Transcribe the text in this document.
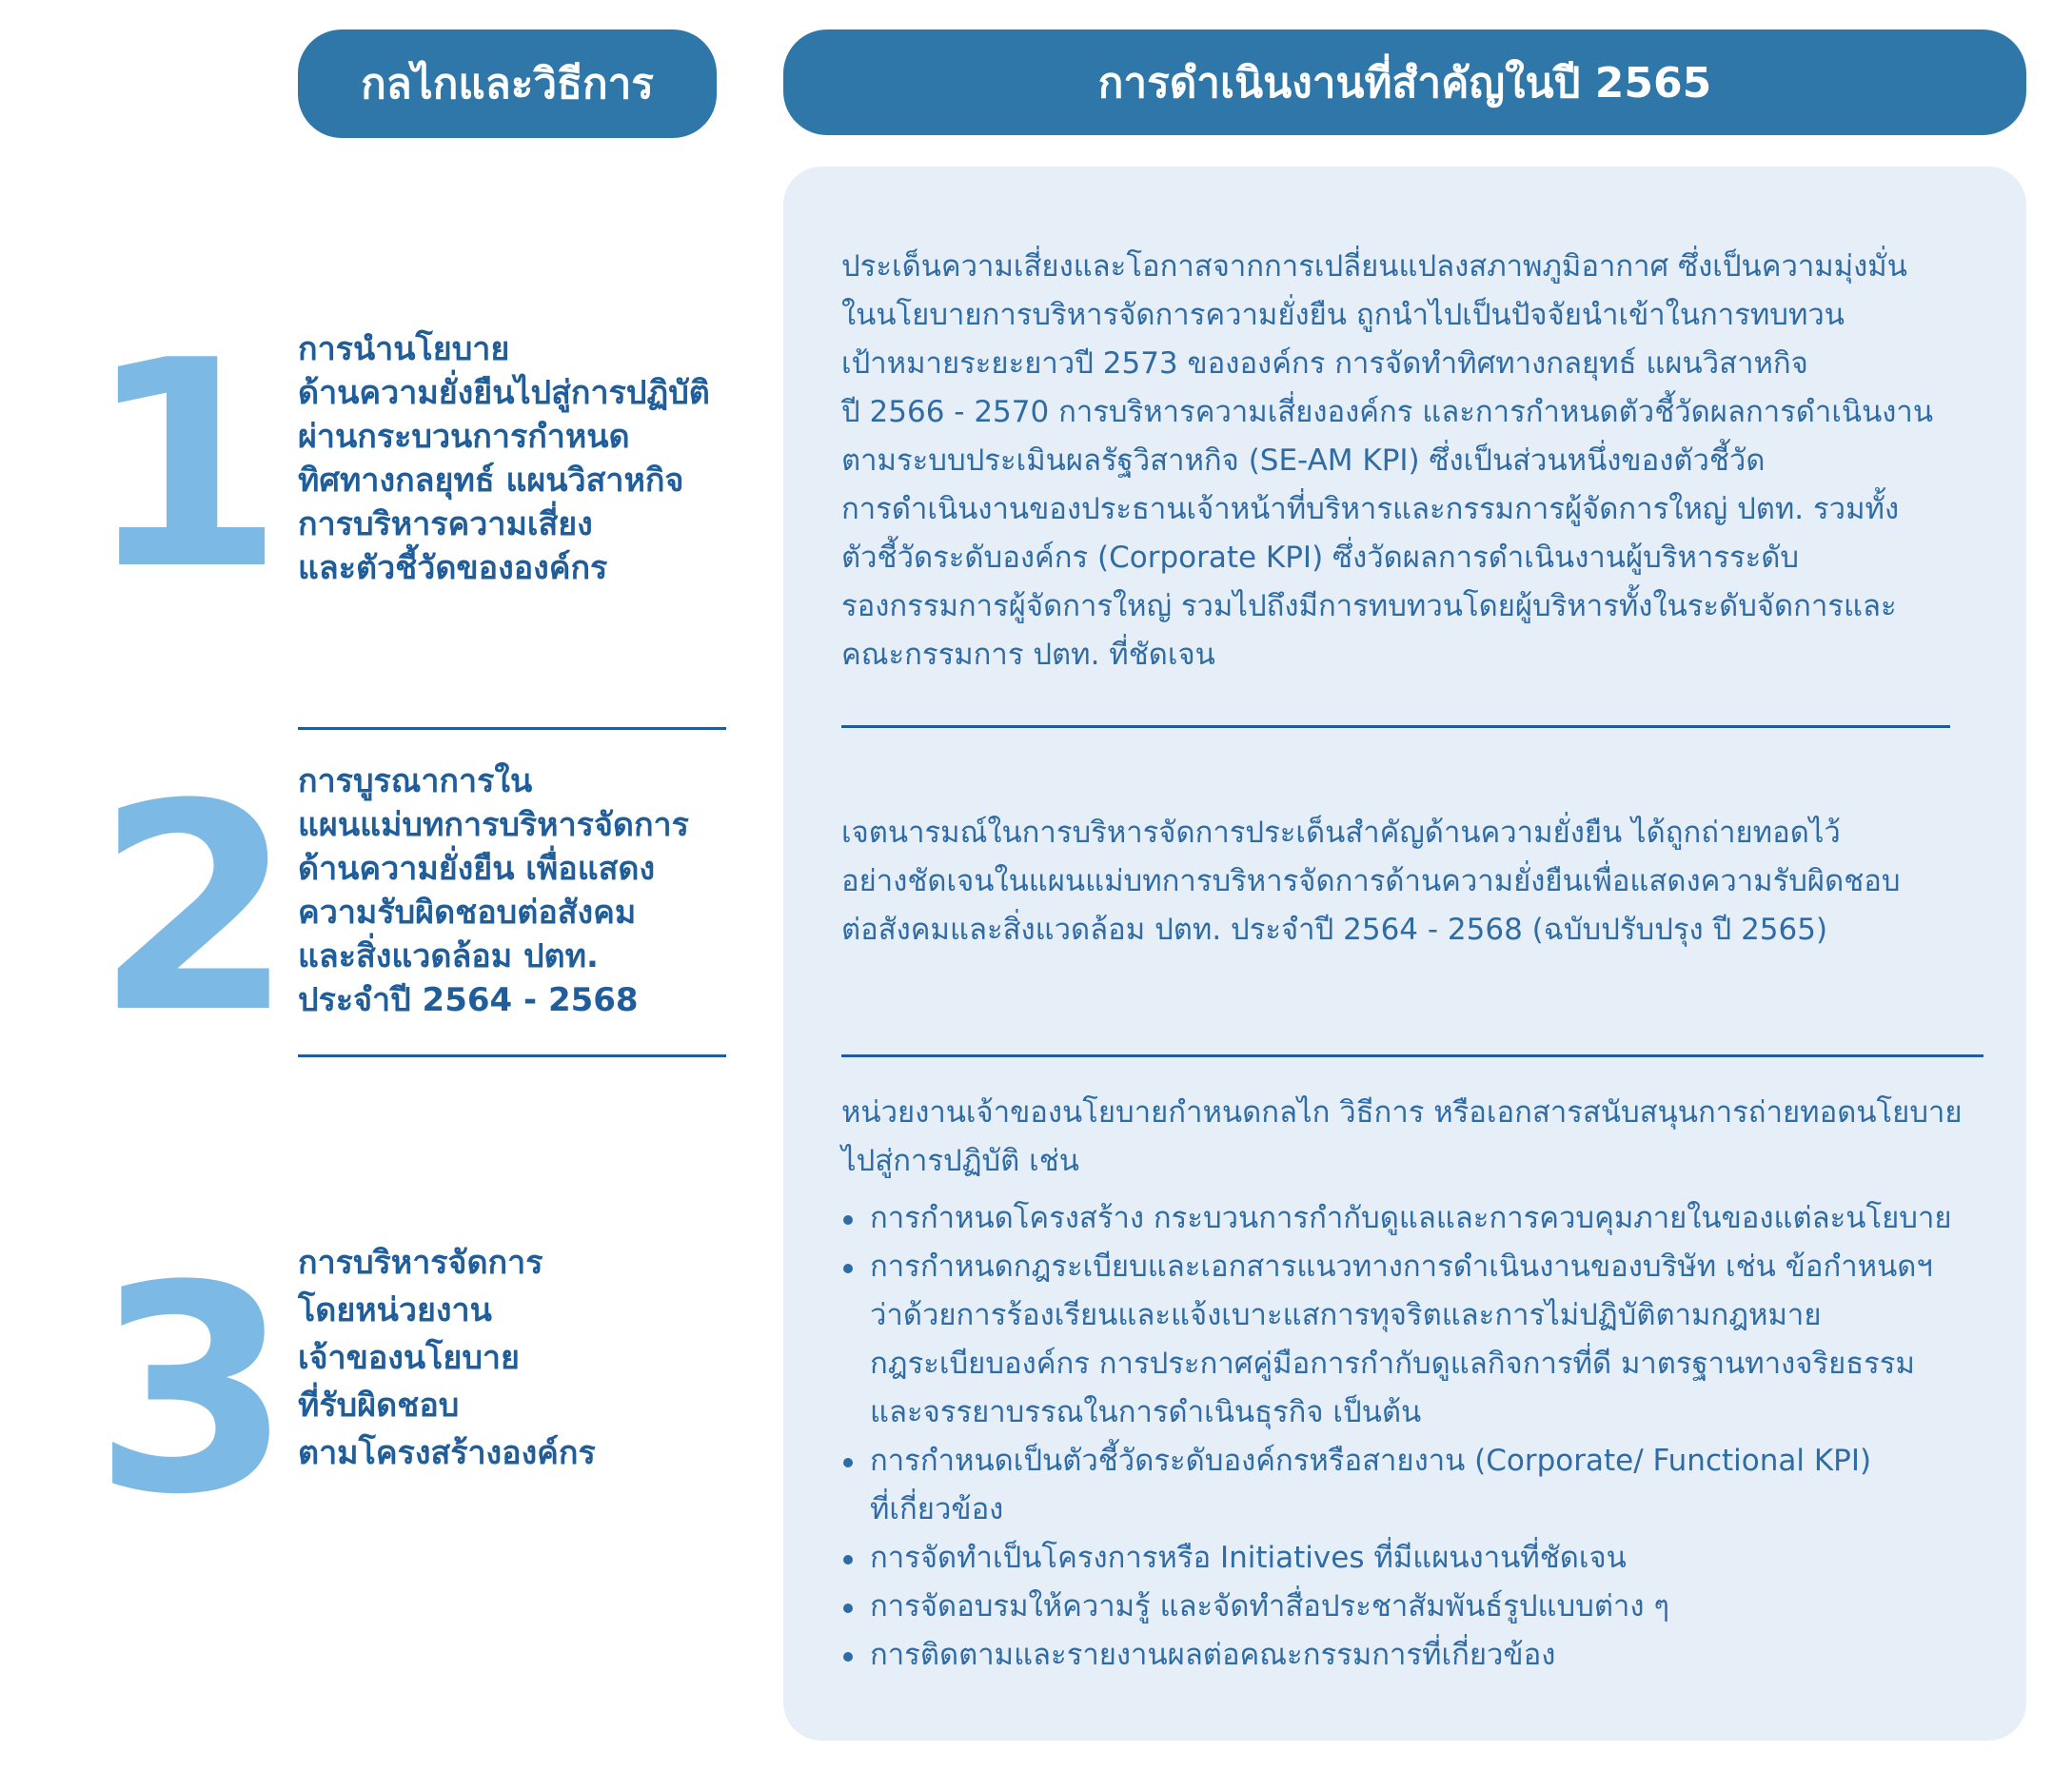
กลไกและวิธีการ	การดำเนินงานที่สำคัญในปี 2565
1 การนำนโยบาย
ด้านความยั่งยืนไปสู่การปฏิบัติ
ผ่านกระบวนการกำหนด
ทิศทางกลยุทธ์ แผนวิสาหกิจ
การบริหารความเสี่ยง
และตัวชี้วัดขององค์กร
ประเด็นความเสี่ยงและโอกาสจากการเปลี่ยนแปลงสภาพภูมิอากาศ ซึ่งเป็นความมุ่งมั่น
ในนโยบายการบริหารจัดการความยั่งยืน ถูกนำไปเป็นปัจจัยนำเข้าในการทบทวน
เป้าหมายระยะยาวปี 2573 ขององค์กร การจัดทำทิศทางกลยุทธ์ แผนวิสาหกิจ
ปี 2566 - 2570 การบริหารความเสี่ยงองค์กร และการกำหนดตัวชี้วัดผลการดำเนินงาน
ตามระบบประเมินผลรัฐวิสาหกิจ (SE-AM KPI) ซึ่งเป็นส่วนหนึ่งของตัวชี้วัด
การดำเนินงานของประธานเจ้าหน้าที่บริหารและกรรมการผู้จัดการใหญ่ ปตท. รวมทั้ง
ตัวชี้วัดระดับองค์กร (Corporate KPI) ซึ่งวัดผลการดำเนินงานผู้บริหารระดับ
รองกรรมการผู้จัดการใหญ่ รวมไปถึงมีการทบทวนโดยผู้บริหารทั้งในระดับจัดการและ
คณะกรรมการ ปตท. ที่ชัดเจน
2 การบูรณาการใน
แผนแม่บทการบริหารจัดการ
ด้านความยั่งยืน เพื่อแสดง
ความรับผิดชอบต่อสังคม
และสิ่งแวดล้อม ปตท.
ประจำปี 2564 - 2568
เจตนารมณ์ในการบริหารจัดการประเด็นสำคัญด้านความยั่งยืน ได้ถูกถ่ายทอดไว้
อย่างชัดเจนในแผนแม่บทการบริหารจัดการด้านความยั่งยืนเพื่อแสดงความรับผิดชอบ
ต่อสังคมและสิ่งแวดล้อม ปตท. ประจำปี 2564 - 2568 (ฉบับปรับปรุง ปี 2565)
3 การบริหารจัดการ
โดยหน่วยงาน
เจ้าของนโยบาย
ที่รับผิดชอบ
ตามโครงสร้างองค์กร
หน่วยงานเจ้าของนโยบายกำหนดกลไก วิธีการ หรือเอกสารสนับสนุนการถ่ายทอดนโยบาย
ไปสู่การปฏิบัติ เช่น
การกำหนดโครงสร้าง กระบวนการกำกับดูแลและการควบคุมภายในของแต่ละนโยบาย
การกำหนดกฎระเบียบและเอกสารแนวทางการดำเนินงานของบริษัท เช่น ข้อกำหนดฯ
ว่าด้วยการร้องเรียนและแจ้งเบาะแสการทุจริตและการไม่ปฏิบัติตามกฎหมาย
กฎระเบียบองค์กร การประกาศคู่มือการกำกับดูแลกิจการที่ดี มาตรฐานทางจริยธรรม
และจรรยาบรรณในการดำเนินธุรกิจ เป็นต้น
การกำหนดเป็นตัวชี้วัดระดับองค์กรหรือสายงาน (Corporate/ Functional KPI)
ที่เกี่ยวข้อง
การจัดทำเป็นโครงการหรือ Initiatives ที่มีแผนงานที่ชัดเจน
การจัดอบรมให้ความรู้ และจัดทำสื่อประชาสัมพันธ์รูปแบบต่าง ๆ
การติดตามและรายงานผลต่อคณะกรรมการที่เกี่ยวข้อง
